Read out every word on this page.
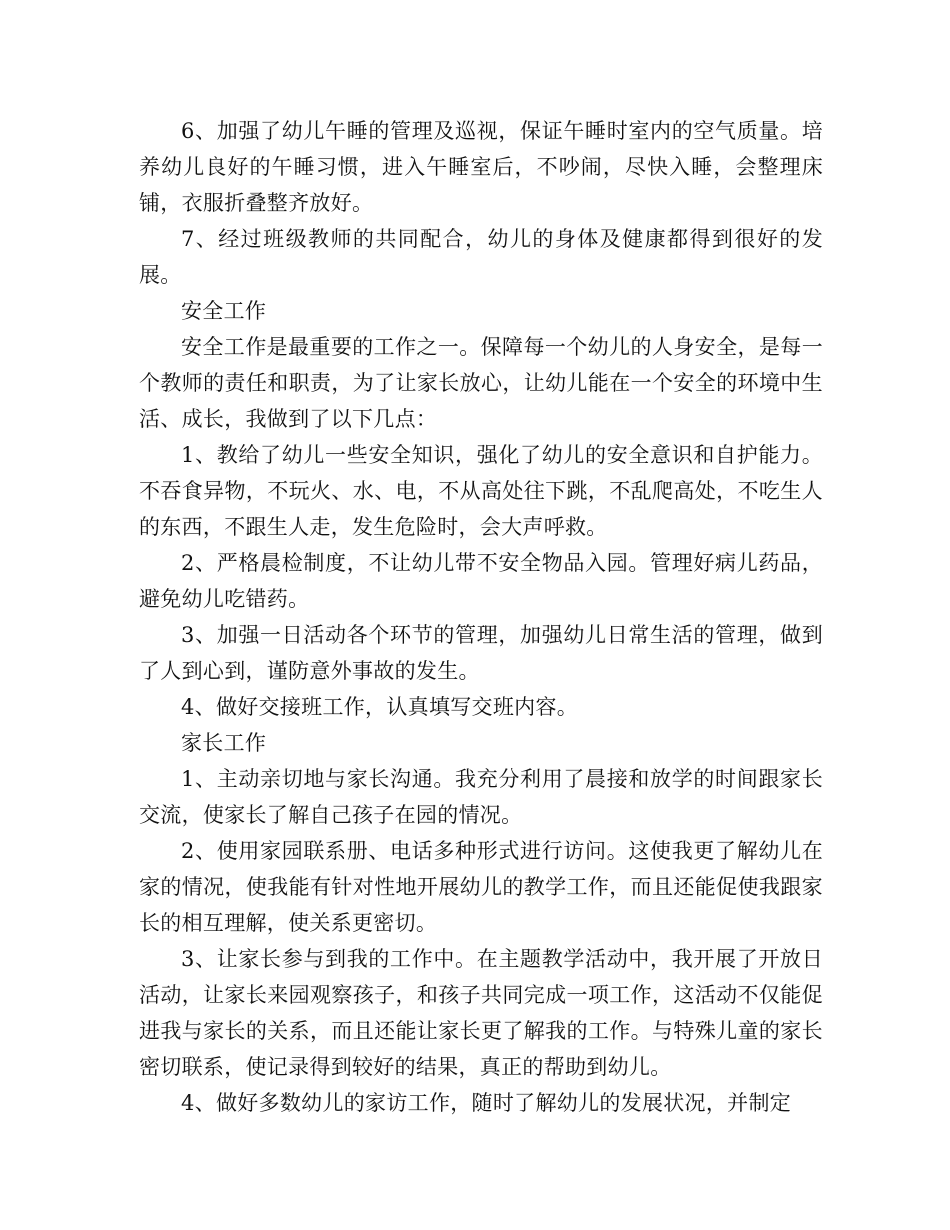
6、加强了幼儿午睡的管理及巡视，保证午睡时室内的空气质量。培养幼儿良好的午睡习惯，进入午睡室后，不吵闹，尽快入睡，会整理床铺，衣服折叠整齐放好。

7、经过班级教师的共同配合，幼儿的身体及健康都得到很好的发展。

安全工作

安全工作是最重要的工作之一。保障每一个幼儿的人身安全，是每一个教师的责任和职责，为了让家长放心，让幼儿能在一个安全的环境中生活、成长，我做到了以下几点：

1、教给了幼儿一些安全知识，强化了幼儿的安全意识和自护能力。不吞食异物，不玩火、水、电，不从高处往下跳，不乱爬高处，不吃生人的东西，不跟生人走，发生危险时，会大声呼救。

2、严格晨检制度，不让幼儿带不安全物品入园。管理好病儿药品，避免幼儿吃错药。

3、加强一日活动各个环节的管理，加强幼儿日常生活的管理，做到了人到心到，谨防意外事故的发生。

4、做好交接班工作，认真填写交班内容。

家长工作

1、主动亲切地与家长沟通。我充分利用了晨接和放学的时间跟家长交流，使家长了解自己孩子在园的情况。

2、使用家园联系册、电话多种形式进行访问。这使我更了解幼儿在家的情况，使我能有针对性地开展幼儿的教学工作，而且还能促使我跟家长的相互理解，使关系更密切。

3、让家长参与到我的工作中。在主题教学活动中，我开展了开放日活动，让家长来园观察孩子，和孩子共同完成一项工作，这活动不仅能促进我与家长的关系，而且还能让家长更了解我的工作。与特殊儿童的家长密切联系，使记录得到较好的结果，真正的帮助到幼儿。

4、做好多数幼儿的家访工作，随时了解幼儿的发展状况，并制定
